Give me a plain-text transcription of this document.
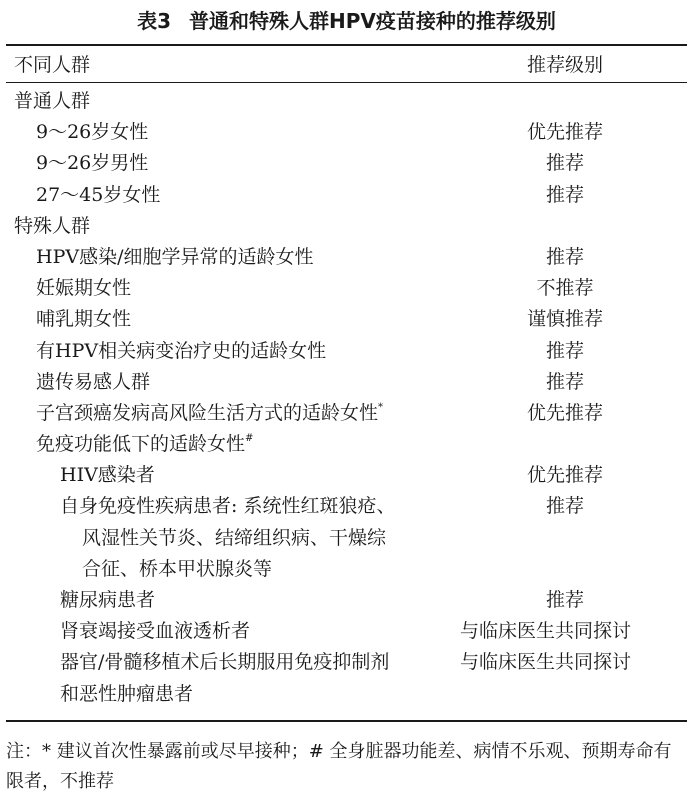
表3 普通和特殊人群HPV疫苗接种的推荐级别
不同人群	推荐级别
普通人群
9～26岁女性	优先推荐
9～26岁男性	推荐
27～45岁女性	推荐
特殊人群
HPV感染/细胞学异常的适龄女性	推荐
妊娠期女性	不推荐
哺乳期女性	谨慎推荐
有HPV相关病变治疗史的适龄女性	推荐
遗传易感人群	推荐
子宫颈癌发病高风险生活方式的适龄女性*	优先推荐
免疫功能低下的适龄女性#
HIV感染者	优先推荐
自身免疫性疾病患者: 系统性红斑狼疮、	推荐
风湿性关节炎、结缔组织病、干燥综
合征、桥本甲状腺炎等
糖尿病患者	推荐
肾衰竭接受血液透析者	与临床医生共同探讨
器官/骨髓移植术后长期服用免疫抑制剂	与临床医生共同探讨
和恶性肿瘤患者
注：* 建议首次性暴露前或尽早接种；# 全身脏器功能差、病情不乐观、预期寿命有限者，不推荐
